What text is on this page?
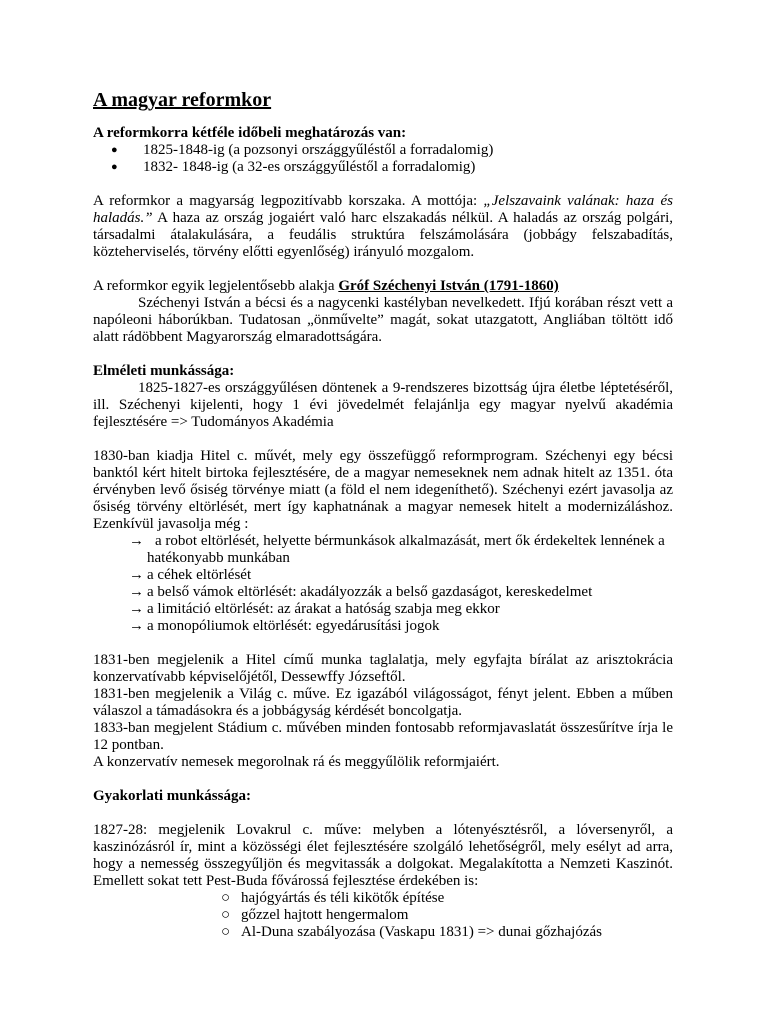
A magyar reformkor

A reformkorra kétféle időbeli meghatározás van:

● 1825-1848-ig (a pozsonyi országgyűléstől a forradalomig)
● 1832- 1848-ig (a 32-es országgyűléstől a forradalomig)

A reformkor a magyarság legpozitívabb korszaka. A mottója: „Jelszavaink valának: haza és haladás.” A haza az ország jogaiért való harc elszakadás nélkül. A haladás az ország polgári, társadalmi átalakulására, a feudális struktúra felszámolására (jobbágy felszabadítás, közteherviselés, törvény előtti egyenlőség) irányuló mozgalom.

A reformkor egyik legjelentősebb alakja Gróf Széchenyi István (1791-1860)

Széchenyi István a bécsi és a nagycenki kastélyban nevelkedett. Ifjú korában részt vett a napóleoni háborúkban. Tudatosan „önművelte” magát, sokat utazgatott, Angliában töltött idő alatt rádöbbent Magyarország elmaradottságára.

Elméleti munkássága:

1825-1827-es országgyűlésen döntenek a 9-rendszeres bizottság újra életbe léptetéséről, ill. Széchenyi kijelenti, hogy 1 évi jövedelmét felajánlja egy magyar nyelvű akadémia fejlesztésére => Tudományos Akadémia

1830-ban kiadja Hitel c. művét, mely egy összefüggő reformprogram. Széchenyi egy bécsi banktól kért hitelt birtoka fejlesztésére, de a magyar nemeseknek nem adnak hitelt az 1351. óta érvényben levő ősiség törvénye miatt (a föld el nem idegeníthető). Széchenyi ezért javasolja az ősiség törvény eltörlését, mert így kaphatnának a magyar nemesek hitelt a modernizáláshoz. Ezenkívül javasolja még :

→ a robot eltörlését, helyette bérmunkások alkalmazását, mert ők érdekeltek lennének a hatékonyabb munkában
→ a céhek eltörlését
→ a belső vámok eltörlését: akadályozzák a belső gazdaságot, kereskedelmet
→ a limitáció eltörlését: az árakat a hatóság szabja meg ekkor
→ a monopóliumok eltörlését: egyedárusítási jogok

1831-ben megjelenik a Hitel című munka taglalatja, mely egyfajta bírálat az arisztokrácia konzervatívabb képviselőjétől, Dessewffy Józseftől.

1831-ben megjelenik a Világ c. műve. Ez igazából világosságot, fényt jelent. Ebben a műben válaszol a támadásokra és a jobbágyság kérdését boncolgatja.

1833-ban megjelent Stádium c. művében minden fontosabb reformjavaslatát összesűrítve írja le 12 pontban.

A konzervatív nemesek megorolnak rá és meggyűlölik reformjaiért.

Gyakorlati munkássága:

1827-28: megjelenik Lovakrul c. műve: melyben a lótenyésztésről, a lóversenyről, a kaszinózásról ír, mint a közösségi élet fejlesztésére szolgáló lehetőségről, mely esélyt ad arra, hogy a nemesség összegyűljön és megvitassák a dolgokat. Megalakította a Nemzeti Kaszinót. Emellett sokat tett Pest-Buda fővárossá fejlesztése érdekében is:

○ hajógyártás és téli kikötők építése
○ gőzzel hajtott hengermalom
○ Al-Duna szabályozása (Vaskapu 1831) => dunai gőzhajózás
